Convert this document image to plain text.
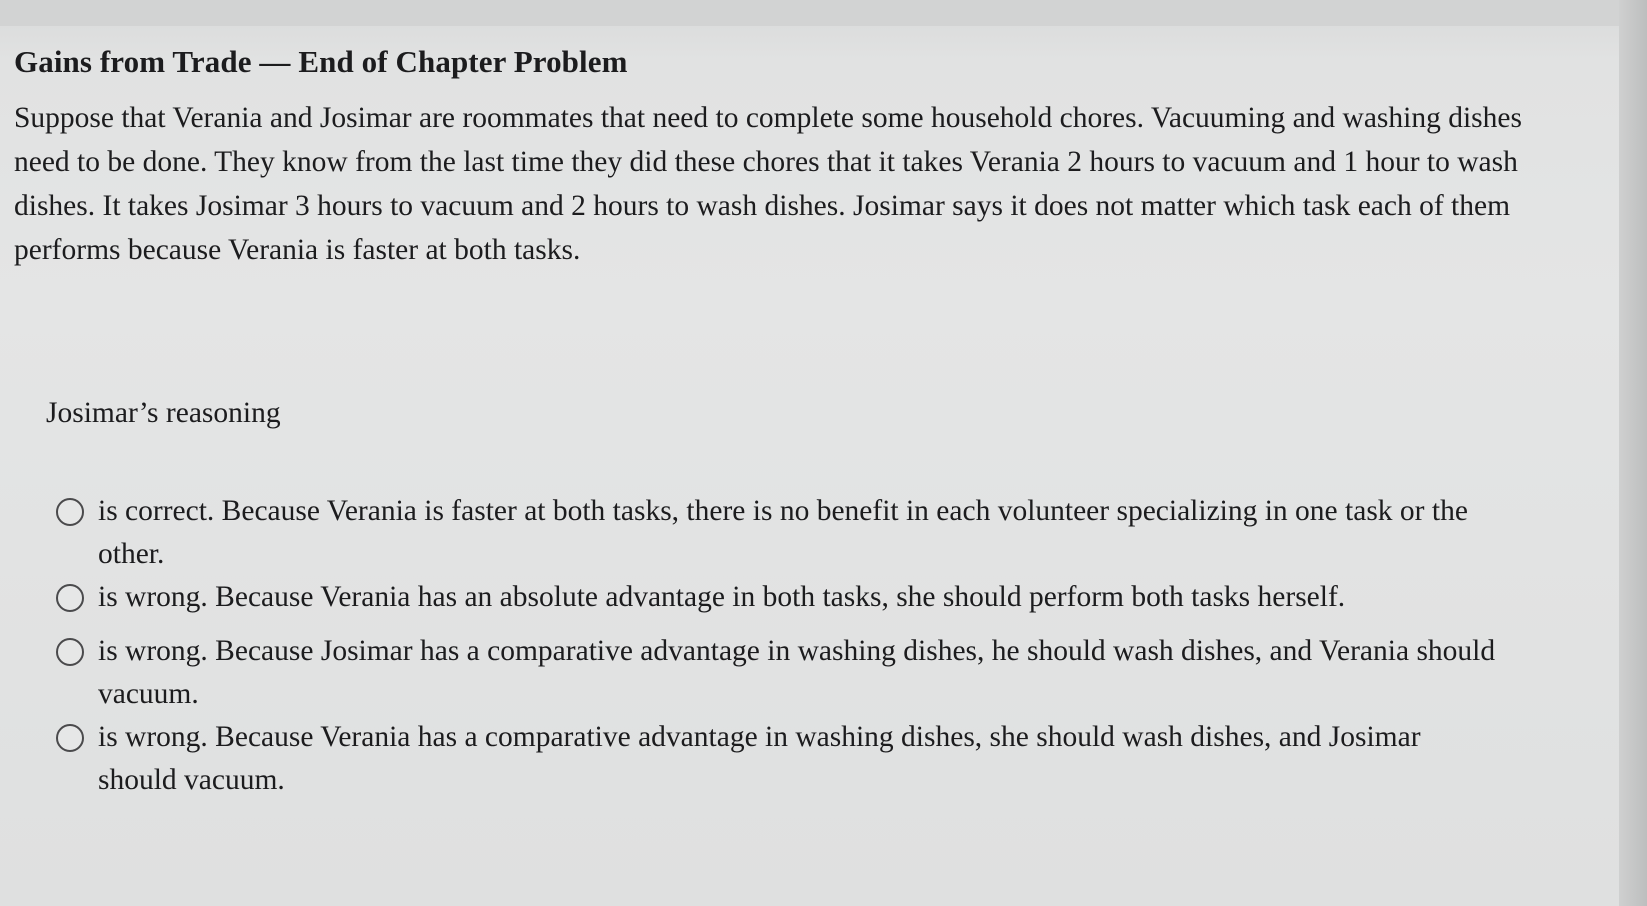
Gains from Trade — End of Chapter Problem

Suppose that Verania and Josimar are roommates that need to complete some household chores. Vacuuming and washing dishes need to be done. They know from the last time they did these chores that it takes Verania 2 hours to vacuum and 1 hour to wash dishes. It takes Josimar 3 hours to vacuum and 2 hours to wash dishes. Josimar says it does not matter which task each of them performs because Verania is faster at both tasks.

Josimar’s reasoning
is correct. Because Verania is faster at both tasks, there is no benefit in each volunteer specializing in one task or the other.
is wrong. Because Verania has an absolute advantage in both tasks, she should perform both tasks herself.
is wrong. Because Josimar has a comparative advantage in washing dishes, he should wash dishes, and Verania should vacuum.
is wrong. Because Verania has a comparative advantage in washing dishes, she should wash dishes, and Josimar should vacuum.
